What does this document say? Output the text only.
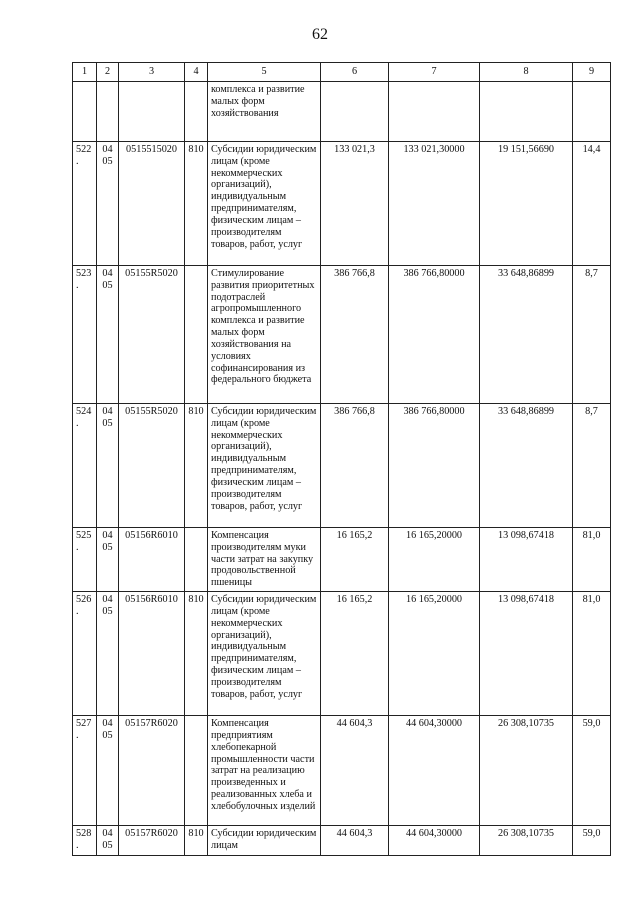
62
1	2	3	4	5	6	7	8	9
				комплекса и развитие малых форм хозяйствования				
522.	0405	0515515020	810	Субсидии юридическим лицам (кроме некоммерческих организаций), индивидуальным предпринимателям, физическим лицам – производителям товаров, работ, услуг	133 021,3	133 021,30000	19 151,56690	14,4
523.	0405	05155R5020		Стимулирование развития приоритетных подотраслей агропромышленного комплекса и развитие малых форм хозяйствования на условиях софинансирования из федерального бюджета	386 766,8	386 766,80000	33 648,86899	8,7
524.	0405	05155R5020	810	Субсидии юридическим лицам (кроме некоммерческих организаций), индивидуальным предпринимателям, физическим лицам – производителям товаров, работ, услуг	386 766,8	386 766,80000	33 648,86899	8,7
525.	0405	05156R6010		Компенсация производителям муки части затрат на закупку продовольственной пшеницы	16 165,2	16 165,20000	13 098,67418	81,0
526.	0405	05156R6010	810	Субсидии юридическим лицам (кроме некоммерческих организаций), индивидуальным предпринимателям, физическим лицам – производителям товаров, работ, услуг	16 165,2	16 165,20000	13 098,67418	81,0
527.	0405	05157R6020		Компенсация предприятиям хлебопекарной промышленности части затрат на реализацию произведенных и реализованных хлеба и хлебобулочных изделий	44 604,3	44 604,30000	26 308,10735	59,0
528.	0405	05157R6020	810	Субсидии юридическим лицам	44 604,3	44 604,30000	26 308,10735	59,0
